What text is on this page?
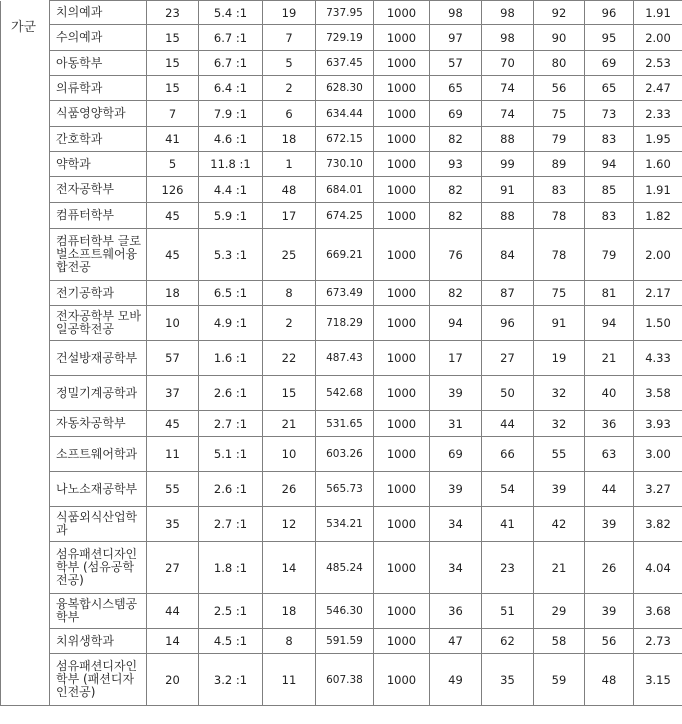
가군	치의예과	23	5.4 :1	19	737.95	1000	98	98	92	96	1.91
	수의예과	15	6.7 :1	7	729.19	1000	97	98	90	95	2.00
	아동학부	15	6.7 :1	5	637.45	1000	57	70	80	69	2.53
	의류학과	15	6.4 :1	2	628.30	1000	65	74	56	65	2.47
	식품영양학과	7	7.9 :1	6	634.44	1000	69	74	75	73	2.33
	간호학과	41	4.6 :1	18	672.15	1000	82	88	79	83	1.95
	약학과	5	11.8 :1	1	730.10	1000	93	99	89	94	1.60
	전자공학부	126	4.4 :1	48	684.01	1000	82	91	83	85	1.91
	컴퓨터학부	45	5.9 :1	17	674.25	1000	82	88	78	83	1.82
	컴퓨터학부 글로벌소프트웨어융합전공	45	5.3 :1	25	669.21	1000	76	84	78	79	2.00
	전기공학과	18	6.5 :1	8	673.49	1000	82	87	75	81	2.17
	전자공학부 모바일공학전공	10	4.9 :1	2	718.29	1000	94	96	91	94	1.50
	건설방재공학부	57	1.6 :1	22	487.43	1000	17	27	19	21	4.33
	정밀기계공학과	37	2.6 :1	15	542.68	1000	39	50	32	40	3.58
	자동차공학부	45	2.7 :1	21	531.65	1000	31	44	32	36	3.93
	소프트웨어학과	11	5.1 :1	10	603.26	1000	69	66	55	63	3.00
	나노소재공학부	55	2.6 :1	26	565.73	1000	39	54	39	44	3.27
	식품외식산업학과	35	2.7 :1	12	534.21	1000	34	41	42	39	3.82
	섬유패션디자인학부 (섬유공학전공)	27	1.8 :1	14	485.24	1000	34	23	21	26	4.04
	융복합시스템공학부	44	2.5 :1	18	546.30	1000	36	51	29	39	3.68
	치위생학과	14	4.5 :1	8	591.59	1000	47	62	58	56	2.73
	섬유패션디자인학부 (패션디자인전공)	20	3.2 :1	11	607.38	1000	49	35	59	48	3.15
